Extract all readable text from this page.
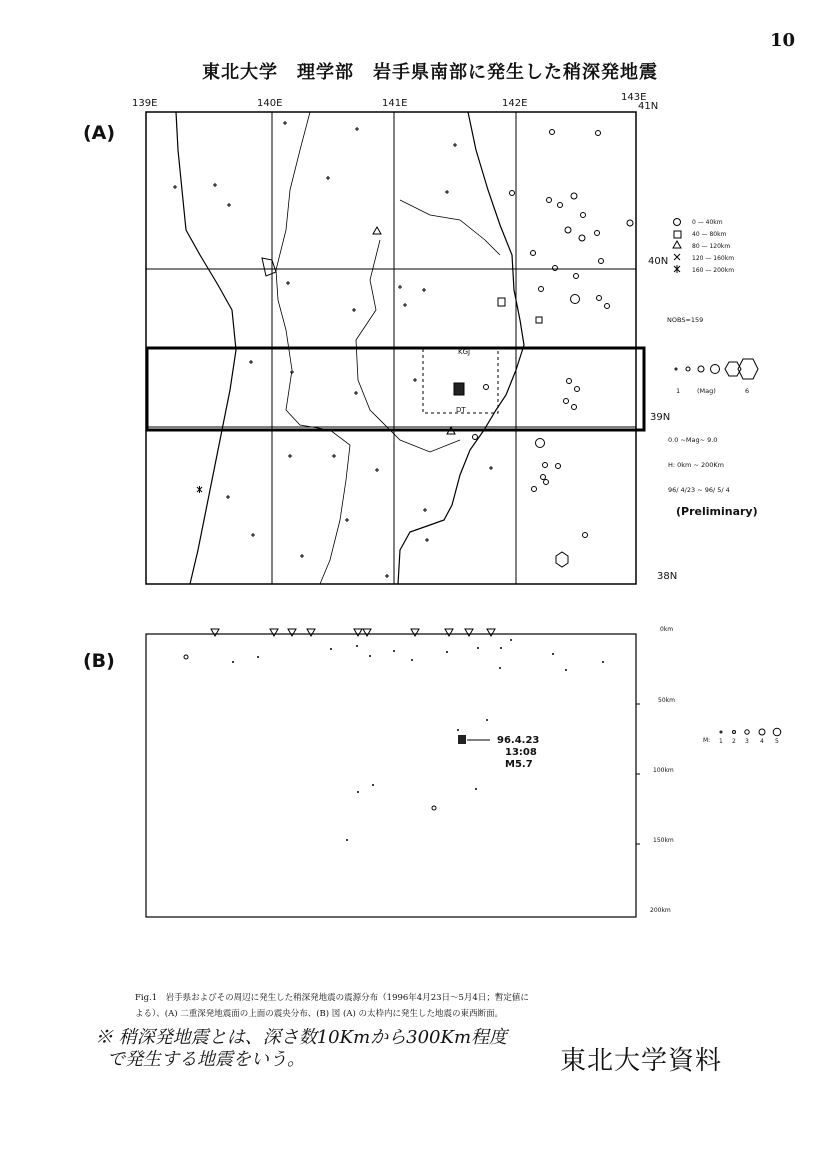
10
東北大学　理学部　岩手県南部に発生した稍深発地震
(A)
139E	140E	141E	142E
143E
41N
40N
39N
38N
KGJ
DT
NOBS=159
0 — 40km
40 — 80km
80 — 120km
120 — 160km
160 — 200km
1	(Mag)	6
0.0 ~Mag~ 9.0
H: 0km ~ 200Km
96/ 4/23 ~ 96/ 5/ 4
(Preliminary)
(B)
0km
50km
100km
150km
200km
96.4.23
13:08
M5.7
M: 1 2 3 4 5
Fig.1　岩手県およびその周辺に発生した稍深発地震の震源分布（1996年4月23日～5月4日；暫定値に
よる）、(A) 二重深発地震面の上面の震央分布、(B) 図 (A) の太枠内に発生した地震の東西断面。
※ 稍深発地震とは、深さ数10Kmから300Km程度
で発生する地震をいう。	東北大学資料
